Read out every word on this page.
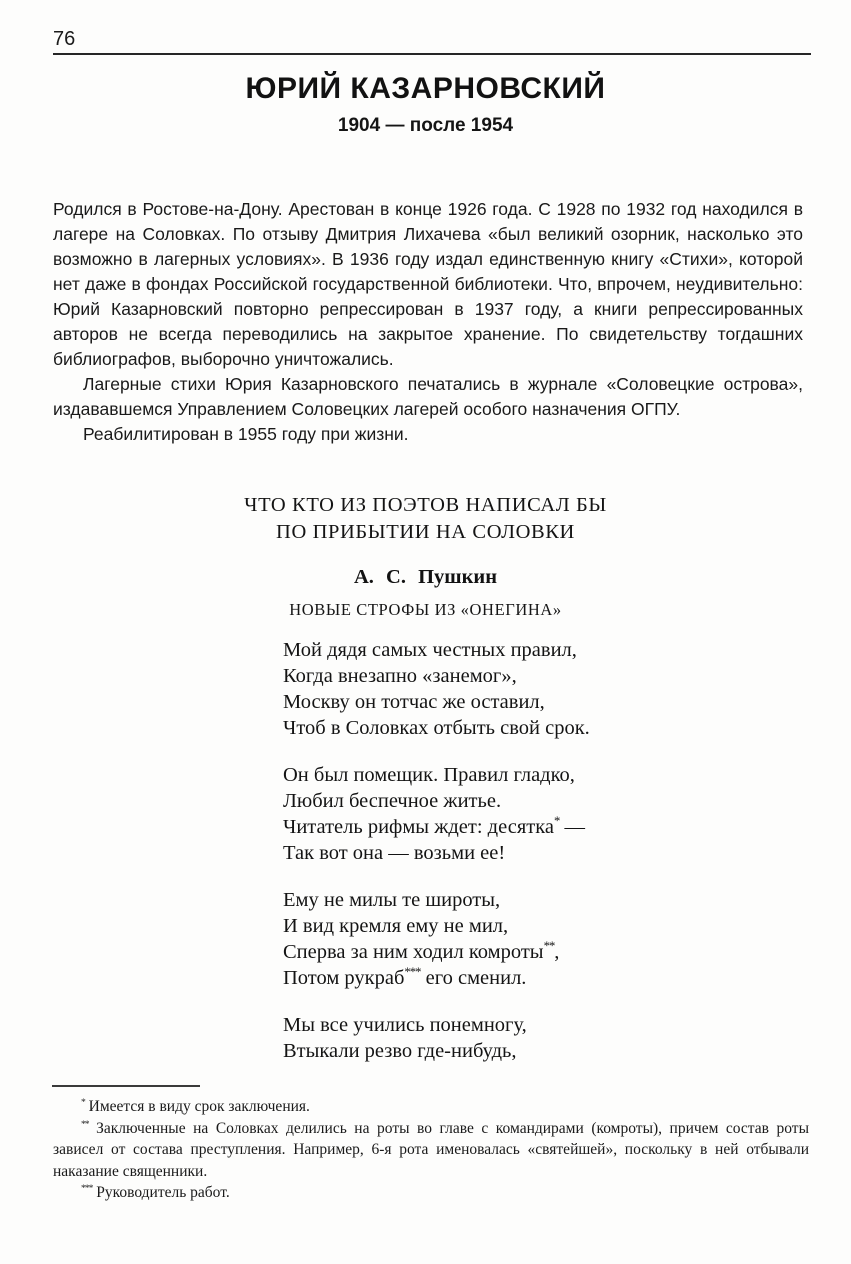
76
ЮРИЙ КАЗАРНОВСКИЙ
1904 — после 1954

Родился в Ростове-на-Дону. Арестован в конце 1926 года. С 1928 по 1932 год находился в лагере на Соловках. По отзыву Дмитрия Лихачева «был великий озорник, насколько это возможно в лагерных условиях». В 1936 году издал единственную книгу «Стихи», которой нет даже в фондах Российской государственной библиотеки. Что, впрочем, неудивительно: Юрий Казарновский повторно репрессирован в 1937 году, а книги репрессированных авторов не всегда переводились на закрытое хранение. По свидетельству тогдашних библиографов, выборочно уничтожались.

Лагерные стихи Юрия Казарновского печатались в журнале «Соловецкие острова», издававшемся Управлением Соловецких лагерей особого назначения ОГПУ.

Реабилитирован в 1955 году при жизни.

ЧТО КТО ИЗ ПОЭТОВ НАПИСАЛ БЫ
ПО ПРИБЫТИИ НА СОЛОВКИ
А. С. Пушкин
НОВЫЕ СТРОФЫ ИЗ «ОНЕГИНА»
Мой дядя самых честных правил,
Когда внезапно «занемог»,
Москву он тотчас же оставил,
Чтоб в Соловках отбыть свой срок.
Он был помещик. Правил гладко,
Любил беспечное житье.
Читатель рифмы ждет: десятка* —
Так вот она — возьми ее!
Ему не милы те широты,
И вид кремля ему не мил,
Сперва за ним ходил комроты**,
Потом рукраб*** его сменил.
Мы все учились понемногу,
Втыкали резво где-нибудь,

* Имеется в виду срок заключения.

** Заключенные на Соловках делились на роты во главе с командирами (комроты), причем состав роты зависел от состава преступления. Например, 6-я рота именовалась «святейшей», поскольку в ней отбывали наказание священники.

*** Руководитель работ.
